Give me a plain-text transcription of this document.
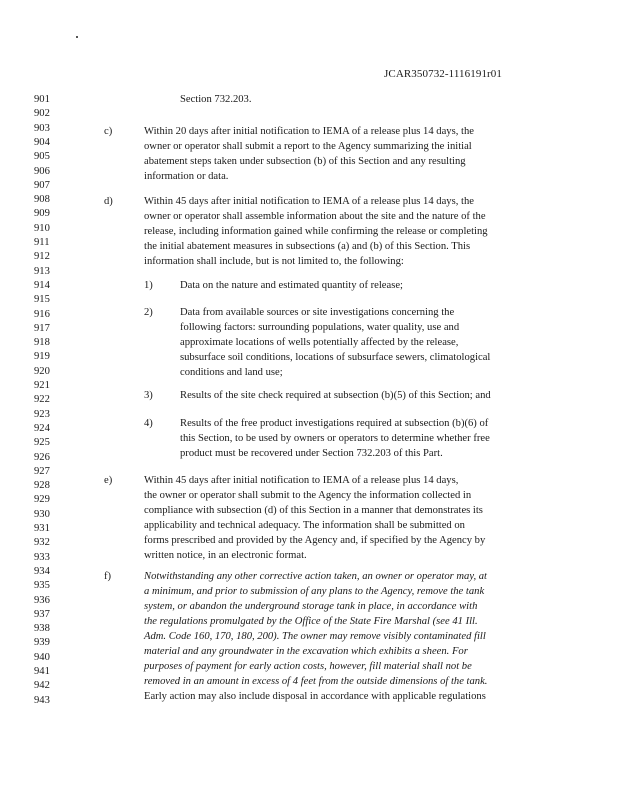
JCAR350732-1116191r01
901
902
903
904
905
906
907
908
909
910
911
912
913
914
915
916
917
918
919
920
921
922
923
924
925
926
927
928
929
930
931
932
933
934
935
936
937
938
939
940
941
942
943
Section 732.203.
c)	Within 20 days after initial notification to IEMA of a release plus 14 days, the
owner or operator shall submit a report to the Agency summarizing the initial
abatement steps taken under subsection (b) of this Section and any resulting
information or data.
d)	Within 45 days after initial notification to IEMA of a release plus 14 days, the
owner or operator shall assemble information about the site and the nature of the
release, including information gained while confirming the release or completing
the initial abatement measures in subsections (a) and (b) of this Section. This
information shall include, but is not limited to, the following:
1)	Data on the nature and estimated quantity of release;
2)	Data from available sources or site investigations concerning the
following factors: surrounding populations, water quality, use and
approximate locations of wells potentially affected by the release,
subsurface soil conditions, locations of subsurface sewers, climatological
conditions and land use;
3)	Results of the site check required at subsection (b)(5) of this Section; and
4)	Results of the free product investigations required at subsection (b)(6) of
this Section, to be used by owners or operators to determine whether free
product must be recovered under Section 732.203 of this Part.
e)	Within 45 days after initial notification to IEMA of a release plus 14 days,
the owner or operator shall submit to the Agency the information collected in
compliance with subsection (d) of this Section in a manner that demonstrates its
applicability and technical adequacy. The information shall be submitted on
forms prescribed and provided by the Agency and, if specified by the Agency by
written notice, in an electronic format.
f)	Notwithstanding any other corrective action taken, an owner or operator may, at
a minimum, and prior to submission of any plans to the Agency, remove the tank
system, or abandon the underground storage tank in place, in accordance with
the regulations promulgated by the Office of the State Fire Marshal (see 41 Ill.
Adm. Code 160, 170, 180, 200). The owner may remove visibly contaminated fill
material and any groundwater in the excavation which exhibits a sheen. For
purposes of payment for early action costs, however, fill material shall not be
removed in an amount in excess of 4 feet from the outside dimensions of the tank.
Early action may also include disposal in accordance with applicable regulations
